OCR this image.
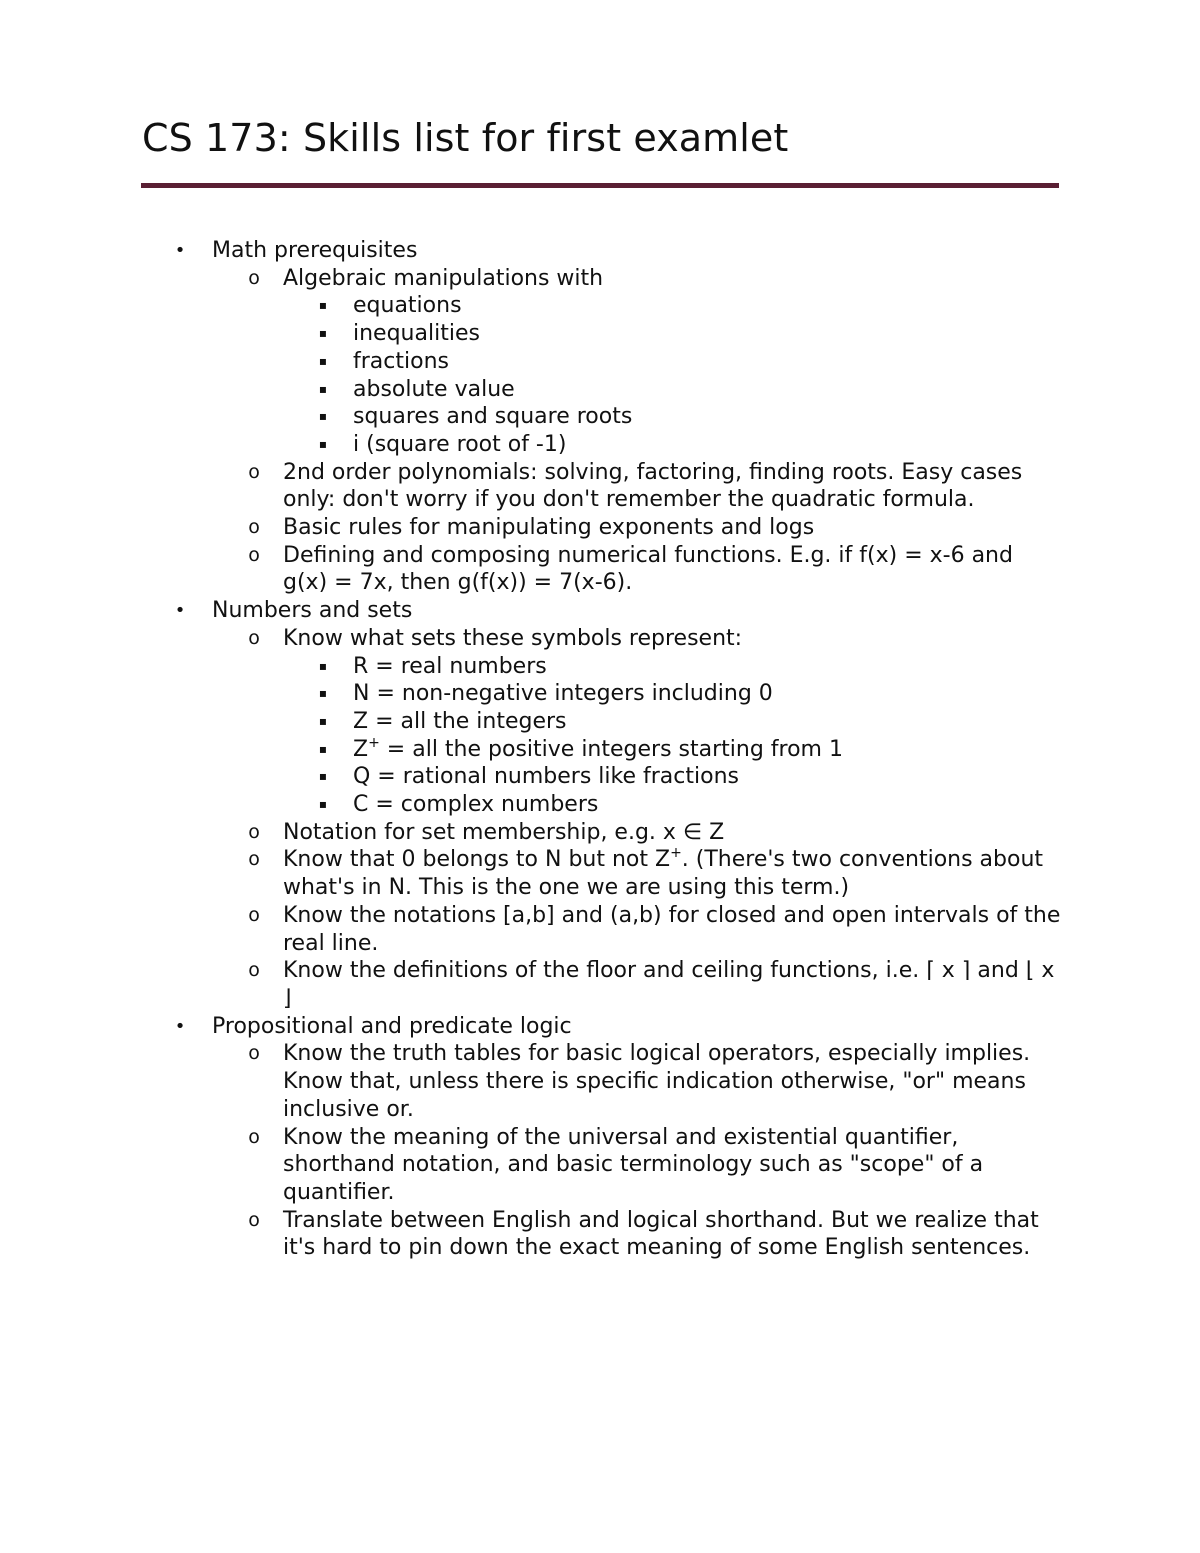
CS 173: Skills list for first examlet
• Math prerequisites
o Algebraic manipulations with
▪ equations
▪ inequalities
▪ fractions
▪ absolute value
▪ squares and square roots
▪ i (square root of -1)
o 2nd order polynomials: solving, factoring, finding roots. Easy cases only: don't worry if you don't remember the quadratic formula.
o Basic rules for manipulating exponents and logs
o Defining and composing numerical functions. E.g. if f(x) = x-6 and g(x) = 7x, then g(f(x)) = 7(x-6).
• Numbers and sets
o Know what sets these symbols represent:
▪ R = real numbers
▪ N = non-negative integers including 0
▪ Z = all the integers
▪ Z+ = all the positive integers starting from 1
▪ Q = rational numbers like fractions
▪ C = complex numbers
o Notation for set membership, e.g. x ∈ Z
o Know that 0 belongs to N but not Z+. (There's two conventions about what's in N. This is the one we are using this term.)
o Know the notations [a,b] and (a,b) for closed and open intervals of the real line.
o Know the definitions of the floor and ceiling functions, i.e. ⌈ x ⌉ and ⌊ x ⌋
• Propositional and predicate logic
o Know the truth tables for basic logical operators, especially implies. Know that, unless there is specific indication otherwise, "or" means inclusive or.
o Know the meaning of the universal and existential quantifier, shorthand notation, and basic terminology such as "scope" of a quantifier.
o Translate between English and logical shorthand. But we realize that it's hard to pin down the exact meaning of some English sentences.
